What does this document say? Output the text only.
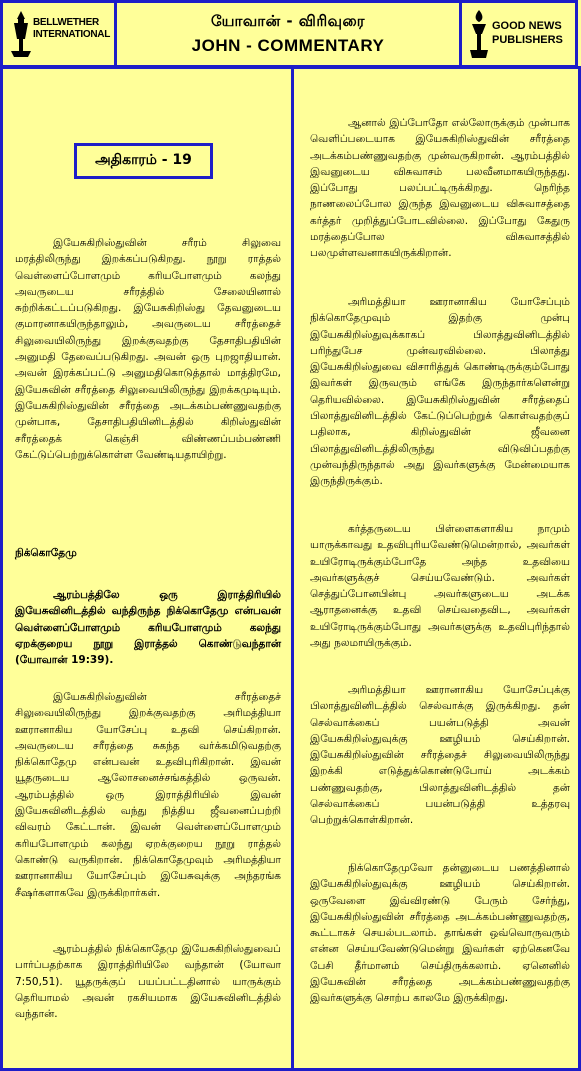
BELLWETHER
INTERNATIONAL
யோவான் - விரிவுரை
JOHN - COMMENTARY
GOOD NEWS
PUBLISHERS
அதிகாரம் - 19

இயேசுகிறிஸ்துவின் சரீரம் சிலுவை மரத்திலிருந்து இறக்கப்படுகிறது. நூறு ராத்தல் வெள்ளைப்போளமும் கரியபோளமும் கலந்து அவருடைய சரீரத்தில் சேலையினால் சுற்றிக்கட்டப்படுகிறது. இயேசுகிறிஸ்து தேவனுடைய குமாரனாகயிருந்தாலும், அவருடைய சரீரத்தைச் சிலுவையிலிருந்து இறக்குவதற்கு தேசாதிபதியின் அனுமதி தேவைப்படுகிறது. அவன் ஒரு புறஜாதியான். அவன் இரக்கப்பட்டு அனுமதிகொடுத்தால் மாத்திரமே, இயேசுவின் சரீரத்தை சிலுவையிலிருந்து இறக்கமுடியும். இயேசுகிறிஸ்துவின் சரீரத்தை அடக்கம்பண்ணுவதற்கு முன்பாக, தேசாதிபதியினிடத்தில் கிறிஸ்துவின் சரீரத்தைக் கெஞ்சி விண்ணப்பம்பண்ணி கேட்டுப்பெற்றுக்கொள்ள வேண்டியதாயிற்று.

நிக்கொதேமு

ஆரம்பத்திலே ஒரு இராத்திரியில் இயேசுவினிடத்தில் வந்திருந்த நிக்கொதேமு என்பவன் வெள்ளைப்போளமும் கரியபோளமும் கலந்து ஏறக்குறைய நூறு இராத்தல் கொண்டுவந்தான் (யோவான் 19:39).

இயேசுகிறிஸ்துவின் சரீரத்தைச் சிலுவையிலிருந்து இறக்குவதற்கு அரிமத்தியா ஊரானாகிய யோசேப்பு உதவி செய்கிறான். அவருடைய சரீரத்தை சுகந்த வர்க்கமிடுவதற்கு நிக்கொதேமு என்பவன் உதவிபுரிகிறான். இவன் யூதருடைய ஆலோசனைச்சங்கத்தில் ஒருவன். ஆரம்பத்தில் ஒரு இராத்திரியில் இவன் இயேசுவினிடத்தில் வந்து நித்திய ஜீவனைப்பற்றி விவரம் கேட்டான். இவன் வெள்ளைப்போளமும் கரியபோளமும் கலந்து ஏறக்குறைய நூறு ராத்தல் கொண்டு வருகிறான். நிக்கொதேமுவும் அரிமத்தியா ஊரானாகிய யோசேப்பும் இயேசுவுக்கு அந்தரங்க சீஷர்களாகவே இருக்கிறார்கள்.

ஆரம்பத்தில் நிக்கொதேமு இயேசுகிறிஸ்துவைப் பார்ப்பதற்காக இராத்திரியிலே வந்தான் (யோவா 7:50,51). யூதருக்குப் பயப்பட்டதினால் யாருக்கும் தெரியாமல் அவன் ரகசியமாக இயேசுவினிடத்தில் வந்தான்.

ஆனால் இப்போதோ எல்லோருக்கும் முன்பாக வெளிப்படையாக இயேசுகிறிஸ்துவின் சரீரத்தை அடக்கம்பண்ணுவதற்கு முன்வருகிறான். ஆரம்பத்தில் இவனுடைய விசுவாசம் பலவீனமாகயிருந்தது. இப்போது பலப்பட்டிருக்கிறது. நெரிந்த நாணலைப்போல இருந்த இவனுடைய விசுவாசத்தை கர்த்தர் முறித்துப்போடவில்லை. இப்போது கேதுரு மரத்தைப்போல விசுவாசத்தில் பலமுள்ளவனாகயிருக்கிறான்.

அரிமத்தியா ஊரானாகிய யோசேப்பும் நிக்கொதேமுவும் இதற்கு முன்பு இயேசுகிறிஸ்துவுக்காகப் பிலாத்துவினிடத்தில் பரிந்துபேச முன்வரவில்லை. பிலாத்து இயேசுகிறிஸ்துவை விசாரித்துக் கொண்டிருக்கும்போது இவர்கள் இருவரும் எங்கே இருந்தார்களென்று தெரியவில்லை. இயேசுகிறிஸ்துவின் சரீரத்தைப் பிலாத்துவினிடத்தில் கேட்டுப்பெற்றுக் கொள்வதற்குப் பதிலாக, கிறிஸ்துவின் ஜீவனை பிலாத்துவினிடத்திலிருந்து விடுவிப்பதற்கு முன்வந்திருந்தால் அது இவர்களுக்கு மேன்மையாக இருந்திருக்கும்.

கர்த்தருடைய பிள்ளைகளாகிய நாமும் யாருக்காவது உதவிபுரியவேண்டுமென்றால், அவர்கள் உயிரோடிருக்கும்போதே அந்த உதவியை அவர்களுக்குச் செய்யவேண்டும். அவர்கள் செத்துப்போனபின்பு அவர்களுடைய அடக்க ஆராதனைக்கு உதவி செய்வதைவிட, அவர்கள் உயிரோடிருக்கும்போது அவர்களுக்கு உதவிபுரிந்தால் அது நலமாயிருக்கும்.

அரிமத்தியா ஊரானாகிய யோசேப்புக்கு பிலாத்துவினிடத்தில் செல்வாக்கு இருக்கிறது. தன் செல்வாக்கைப் பயன்படுத்தி அவன் இயேசுகிறிஸ்துவுக்கு ஊழியம் செய்கிறான். இயேசுகிறிஸ்துவின் சரீரத்தைச் சிலுவையிலிருந்து இறக்கி எடுத்துக்கொண்டுபோய் அடக்கம் பண்ணுவதற்கு, பிலாத்துவினிடத்தில் தன் செல்வாக்கைப் பயன்படுத்தி உத்தரவு பெற்றுக்கொள்கிறான்.

நிக்கொதேமுவோ தன்னுடைய பணத்தினால் இயேசுகிறிஸ்துவுக்கு ஊழியம் செய்கிறான். ஒருவேளை இவ்விரண்டு பேரும் சேர்ந்து, இயேசுகிறிஸ்துவின் சரீரத்தை அடக்கம்பண்ணுவதற்கு, கூட்டாகச் செயல்படலாம். தாங்கள் ஒவ்வொருவரும் என்ன செய்யவேண்டுமென்று இவர்கள் ஏற்கெனவே பேசி தீர்மானம் செய்திருக்கலாம். ஏனெனில் இயேசுவின் சரீரத்தை அடக்கம்பண்ணுவதற்கு இவர்களுக்கு சொற்ப காலமே இருக்கிறது.
